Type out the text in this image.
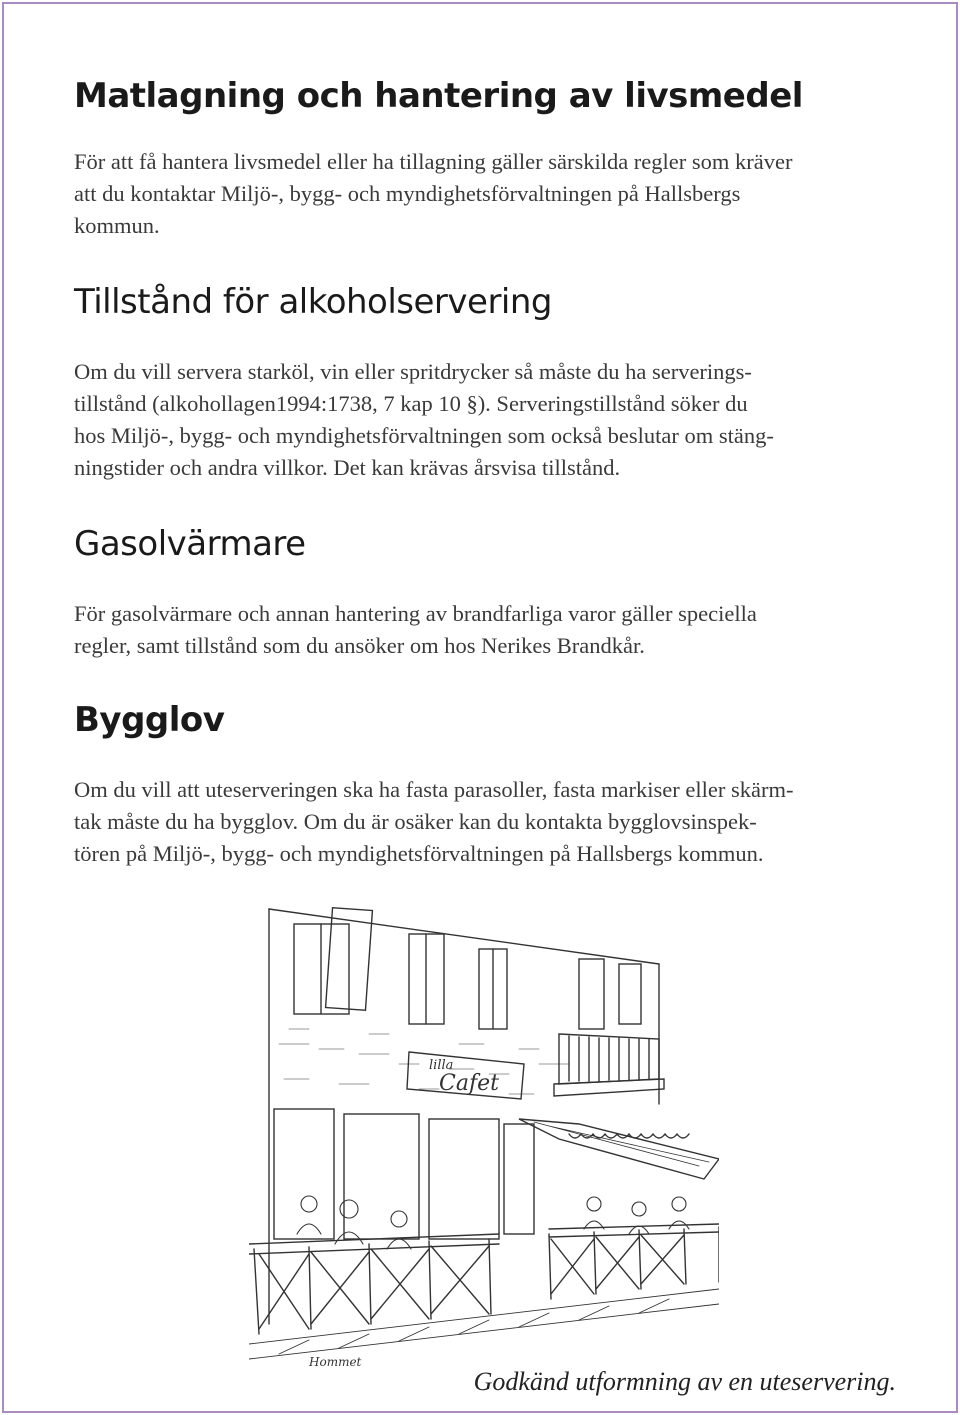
Matlagning och hantering av livsmedel

För att få hantera livsmedel eller ha tillagning gäller särskilda regler som kräver
att du kontaktar Miljö-, bygg- och myndighetsförvaltningen på Hallsbergs
kommun.

Tillstånd för alkoholservering

Om du vill servera starköl, vin eller spritdrycker så måste du ha serverings-
tillstånd (alkohollagen1994:1738, 7 kap 10 §). Serveringstillstånd söker du
hos Miljö-, bygg- och myndighetsförvaltningen som också beslutar om stäng-
ningstider och andra villkor. Det kan krävas årsvisa tillstånd.

Gasolvärmare

För gasolvärmare och annan hantering av brandfarliga varor gäller speciella
regler, samt tillstånd som du ansöker om hos Nerikes Brandkår.

Bygglov

Om du vill att uteserveringen ska ha fasta parasoller, fasta markiser eller skärm-
tak måste du ha bygglov. Om du är osäker kan du kontakta bygglovsinspek-
tören på Miljö-, bygg- och myndighetsförvaltningen på Hallsbergs kommun.

lilla
Cafet
Hommet
Godkänd utformning av en uteservering.
